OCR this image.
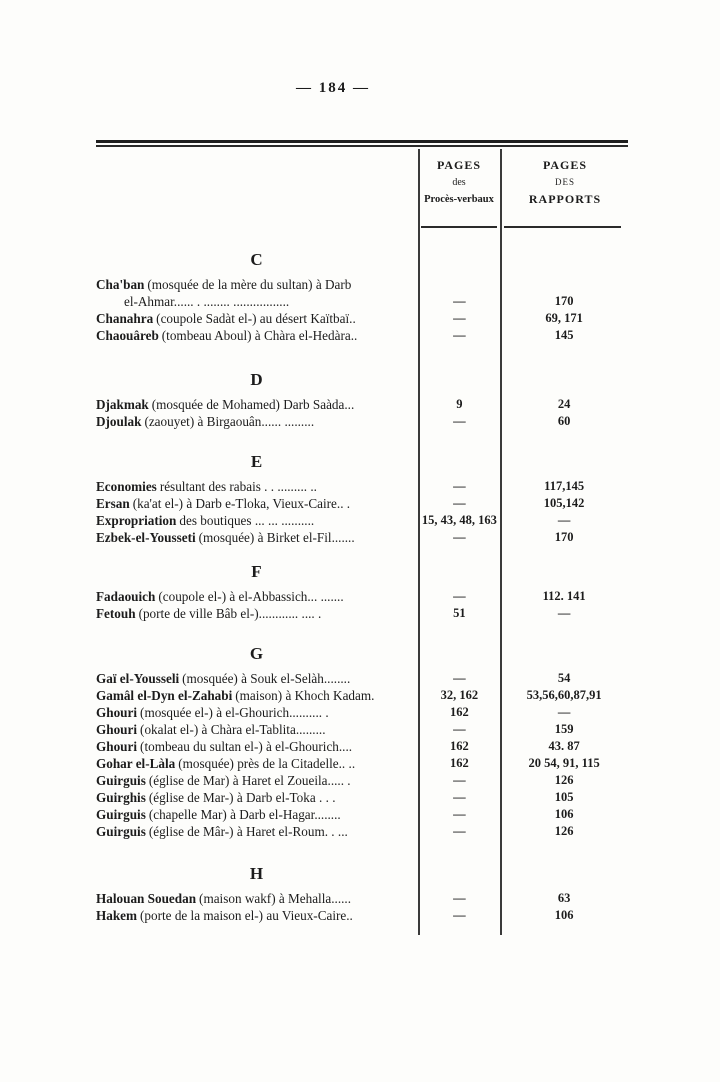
— 184 —
PAGES
des
Procès-verbaux
PAGES
DES
RAPPORTS
C
Cha'ban (mosquée de la mère du sultan) à Darb
el-Ahmar...... . ........ .................	—	170
Chanahra (coupole Sadàt el-) au désert Kaïtbaï..	—	69, 171
Chaouâreb (tombeau Aboul) à Chàra el-Hedàra..	—	145
D
Djakmak (mosquée de Mohamed) Darb Saàda...	9	24
Djoulak (zaouyet) à Birgaouân...... .........	—	60
E
Economies résultant des rabais . . ......... ..	—	117,145
Ersan (ka'at el-) à Darb e-Tloka, Vieux-Caire.. .	—	105,142
Expropriation des boutiques ... ... ..........	15, 43, 48, 163	—
Ezbek-el-Yousseti (mosquée) à Birket el-Fil.......	—	170
F
Fadaouich (coupole el-) à el-Abbassich... .......	—	112. 141
Fetouh (porte de ville Bâb el-)............ .... .	51	—
G
Gaï el-Yousseli (mosquée) à Souk el-Selàh........	—	54
Gamâl el-Dyn el-Zahabi (maison) à Khoch Kadam.	32, 162	53,56,60,87,91
Ghouri (mosquée el-) à el-Ghourich.......... .	162	—
Ghouri (okalat el-) à Chàra el-Tablita.........	—	159
Ghouri (tombeau du sultan el-) à el-Ghourich....	162	43. 87
Gohar el-Làla (mosquée) près de la Citadelle.. ..	162	20 54, 91, 115
Guirguis (église de Mar) à Haret el Zoueila..... .	—	126
Guirghis (église de Mar-) à Darb el-Toka . . .	—	105
Guirguis (chapelle Mar) à Darb el-Hagar........	—	106
Guirguis (église de Mâr-) à Haret el-Roum. . ...	—	126
H
Halouan Souedan (maison wakf) à Mehalla......	—	63
Hakem (porte de la maison el-) au Vieux-Caire..	—	106
